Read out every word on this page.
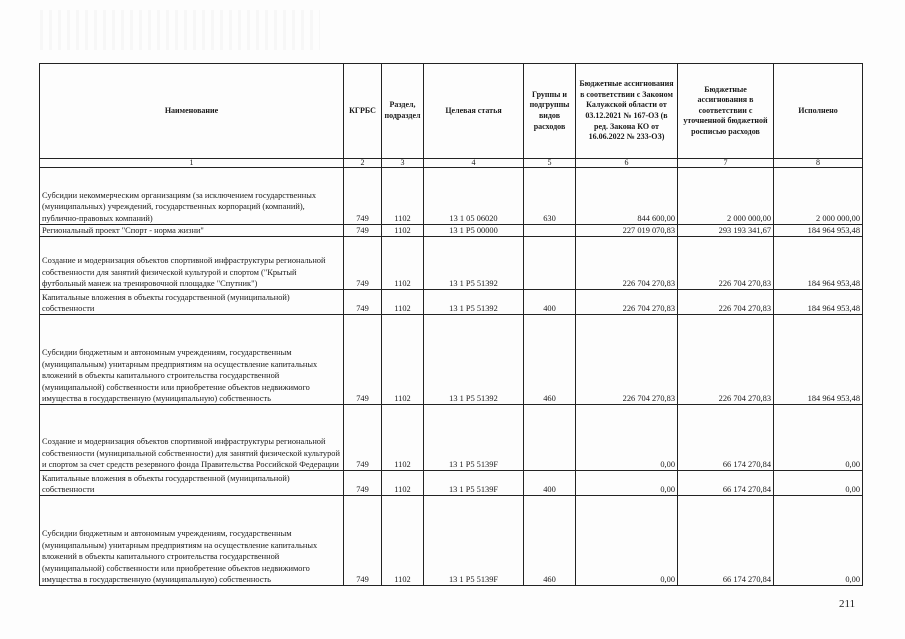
Наименование	КГРБС	Раздел, подраздел	Целевая статья	Группы и подгруппы видов расходов	Бюджетные ассигнования в соответствии с Законом Калужской области от 03.12.2021 № 167-ОЗ (в ред. Закона КО от 16.06.2022 № 233-ОЗ)	Бюджетные ассигнования в соответствии с уточненной бюджетной росписью расходов	Исполнено
1	2	3	4	5	6	7	8
Субсидии некоммерческим организациям (за исключением государственных (муниципальных) учреждений, государственных корпораций (компаний), публично-правовых компаний)	749	1102	13 1 05 06020	630	844 600,00	2 000 000,00	2 000 000,00
Региональный проект "Спорт - норма жизни"	749	1102	13 1 P5 00000		227 019 070,83	293 193 341,67	184 964 953,48
Создание и модернизация объектов спортивной инфраструктуры региональной собственности для занятий физической культурой и спортом ("Крытый футбольный манеж на тренировочной площадке "Спутник")	749	1102	13 1 P5 51392		226 704 270,83	226 704 270,83	184 964 953,48
Капитальные вложения в объекты государственной (муниципальной) собственности	749	1102	13 1 P5 51392	400	226 704 270,83	226 704 270,83	184 964 953,48
Субсидии бюджетным и автономным учреждениям, государственным (муниципальным) унитарным предприятиям на осуществление капитальных вложений в объекты капитального строительства государственной (муниципальной) собственности или приобретение объектов недвижимого имущества в государственную (муниципальную) собственность	749	1102	13 1 P5 51392	460	226 704 270,83	226 704 270,83	184 964 953,48
Создание и модернизация объектов спортивной инфраструктуры региональной собственности (муниципальной собственности) для занятий физической культурой и спортом за счет средств резервного фонда Правительства Российской Федерации	749	1102	13 1 P5 5139F		0,00	66 174 270,84	0,00
Капитальные вложения в объекты государственной (муниципальной) собственности	749	1102	13 1 P5 5139F	400	0,00	66 174 270,84	0,00
Субсидии бюджетным и автономным учреждениям, государственным (муниципальным) унитарным предприятиям на осуществление капитальных вложений в объекты капитального строительства государственной (муниципальной) собственности или приобретение объектов недвижимого имущества в государственную (муниципальную) собственность	749	1102	13 1 P5 5139F	460	0,00	66 174 270,84	0,00
211
